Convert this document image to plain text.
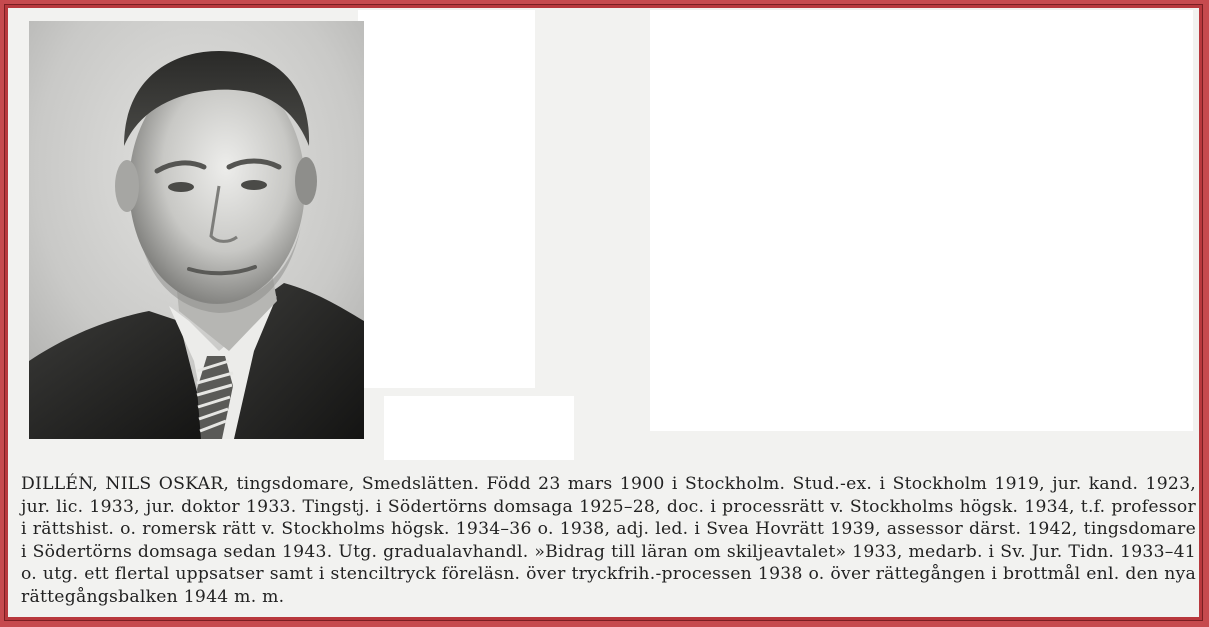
DILLÉN, NILS OSKAR, tingsdomare, Smedslätten. Född 23 mars 1900 i Stockholm. Stud.-ex. i Stockholm 1919, jur. kand. 1923, jur. lic. 1933, jur. doktor 1933. Tingstj. i Södertörns domsaga 1925–28, doc. i processrätt v. Stockholms högsk. 1934, t.f. professor i rättshist. o. romersk rätt v. Stockholms högsk. 1934–36 o. 1938, adj. led. i Svea Hovrätt 1939, assessor därst. 1942, tingsdomare i Södertörns domsaga sedan 1943. Utg. gradualavhandl. »Bidrag till läran om skiljeavtalet» 1933, medarb. i Sv. Jur. Tidn. 1933–41 o. utg. ett flertal uppsatser samt i stenciltryck föreläsn. över tryckfrih.-processen 1938 o. över rättegången i brottmål enl. den nya rättegångsbalken 1944 m. m.
